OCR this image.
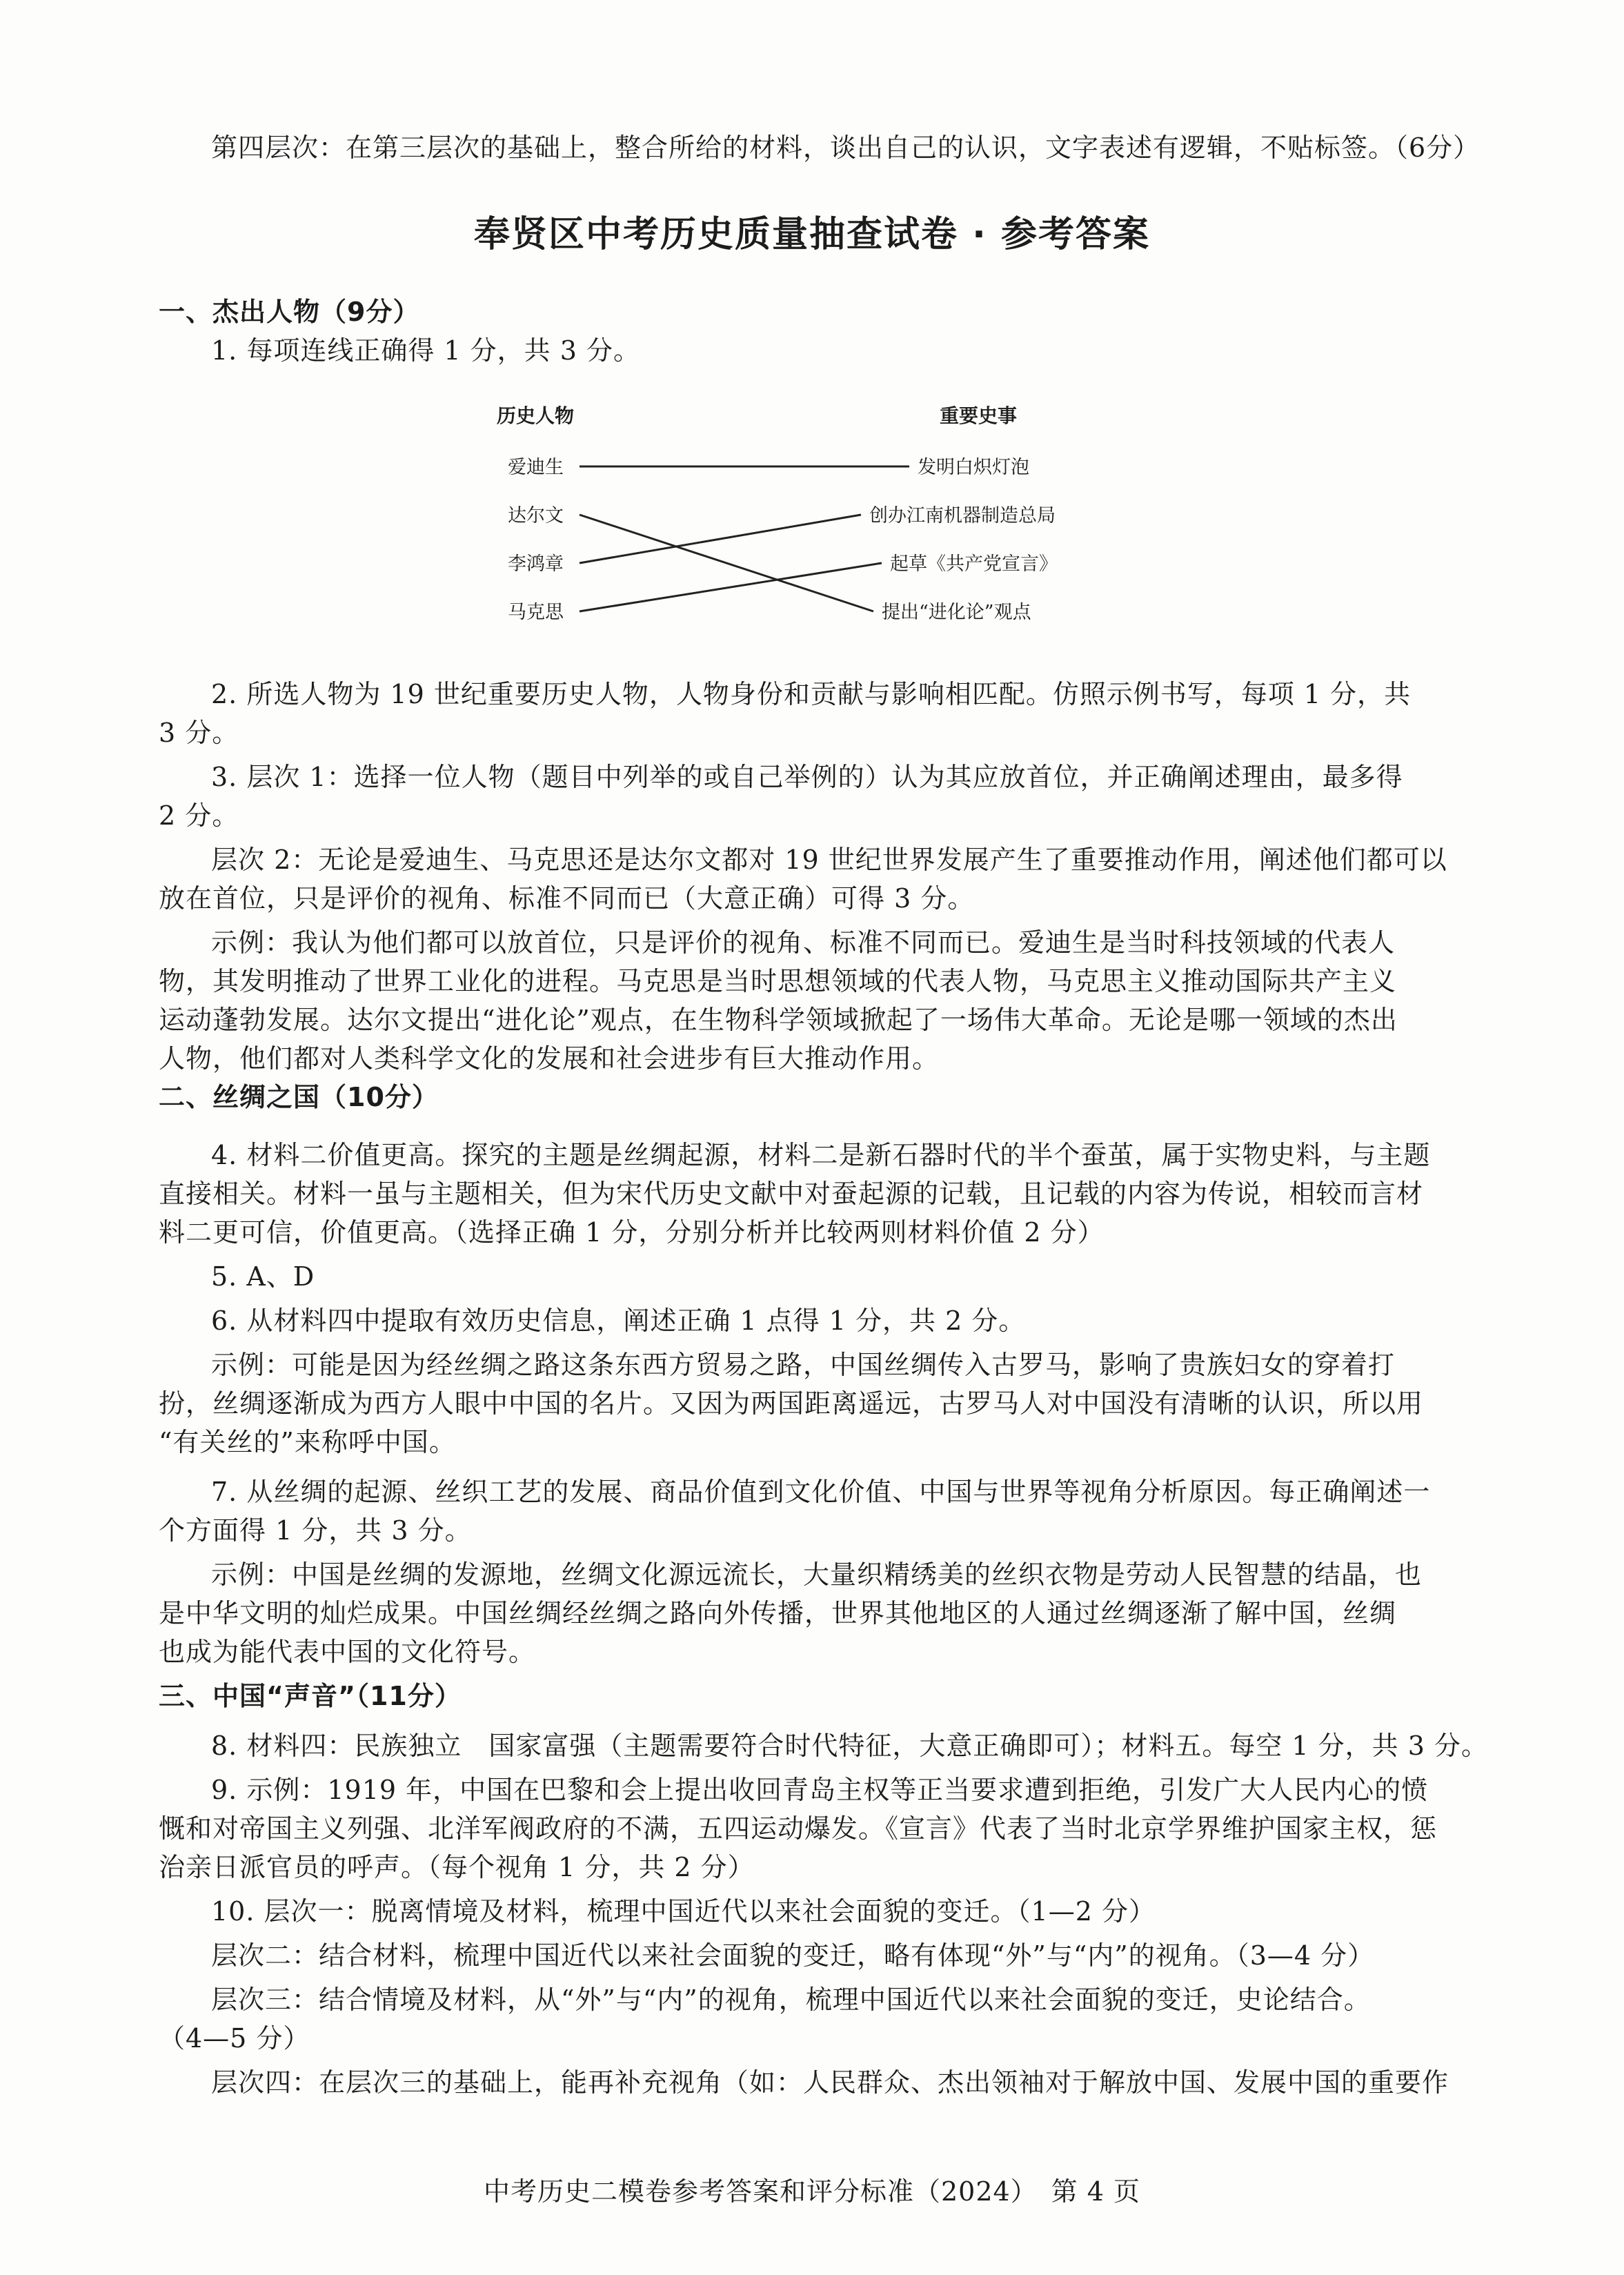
第四层次：在第三层次的基础上，整合所给的材料，谈出自己的认识，文字表述有逻辑，不贴标签。（6分）
奉贤区中考历史质量抽查试卷 · 参考答案
一、杰出人物（9分）
1. 每项连线正确得 1 分，共 3 分。
历史人物	重要史事
爱迪生
达尔文
李鸿章
马克思
发明白炽灯泡
创办江南机器制造总局
起草《共产党宣言》
提出“进化论”观点
2. 所选人物为 19 世纪重要历史人物，人物身份和贡献与影响相匹配。仿照示例书写，每项 1 分，共
3 分。
3. 层次 1：选择一位人物（题目中列举的或自己举例的）认为其应放首位，并正确阐述理由，最多得
2 分。
层次 2：无论是爱迪生、马克思还是达尔文都对 19 世纪世界发展产生了重要推动作用，阐述他们都可以
放在首位，只是评价的视角、标准不同而已（大意正确）可得 3 分。
示例：我认为他们都可以放首位，只是评价的视角、标准不同而已。爱迪生是当时科技领域的代表人
物，其发明推动了世界工业化的进程。马克思是当时思想领域的代表人物，马克思主义推动国际共产主义
运动蓬勃发展。达尔文提出“进化论”观点，在生物科学领域掀起了一场伟大革命。无论是哪一领域的杰出
人物，他们都对人类科学文化的发展和社会进步有巨大推动作用。
二、丝绸之国（10分）
4. 材料二价值更高。探究的主题是丝绸起源，材料二是新石器时代的半个蚕茧，属于实物史料，与主题
直接相关。材料一虽与主题相关，但为宋代历史文献中对蚕起源的记载，且记载的内容为传说，相较而言材
料二更可信，价值更高。（选择正确 1 分，分别分析并比较两则材料价值 2 分）
5. A、D
6. 从材料四中提取有效历史信息，阐述正确 1 点得 1 分，共 2 分。
示例：可能是因为经丝绸之路这条东西方贸易之路，中国丝绸传入古罗马，影响了贵族妇女的穿着打
扮，丝绸逐渐成为西方人眼中中国的名片。又因为两国距离遥远，古罗马人对中国没有清晰的认识，所以用
“有关丝的”来称呼中国。
7. 从丝绸的起源、丝织工艺的发展、商品价值到文化价值、中国与世界等视角分析原因。每正确阐述一
个方面得 1 分，共 3 分。
示例：中国是丝绸的发源地，丝绸文化源远流长，大量织精绣美的丝织衣物是劳动人民智慧的结晶，也
是中华文明的灿烂成果。中国丝绸经丝绸之路向外传播，世界其他地区的人通过丝绸逐渐了解中国，丝绸
也成为能代表中国的文化符号。
三、中国“声音”（11分）
8. 材料四：民族独立　国家富强（主题需要符合时代特征，大意正确即可）；材料五。每空 1 分，共 3 分。
9. 示例：1919 年，中国在巴黎和会上提出收回青岛主权等正当要求遭到拒绝，引发广大人民内心的愤
慨和对帝国主义列强、北洋军阀政府的不满，五四运动爆发。《宣言》代表了当时北京学界维护国家主权，惩
治亲日派官员的呼声。（每个视角 1 分，共 2 分）
10. 层次一：脱离情境及材料，梳理中国近代以来社会面貌的变迁。（1—2 分）
层次二：结合材料，梳理中国近代以来社会面貌的变迁，略有体现“外”与“内”的视角。（3—4 分）
层次三：结合情境及材料，从“外”与“内”的视角，梳理中国近代以来社会面貌的变迁，史论结合。
（4—5 分）
层次四：在层次三的基础上，能再补充视角（如：人民群众、杰出领袖对于解放中国、发展中国的重要作
中考历史二模卷参考答案和评分标准（2024）　第 4 页
